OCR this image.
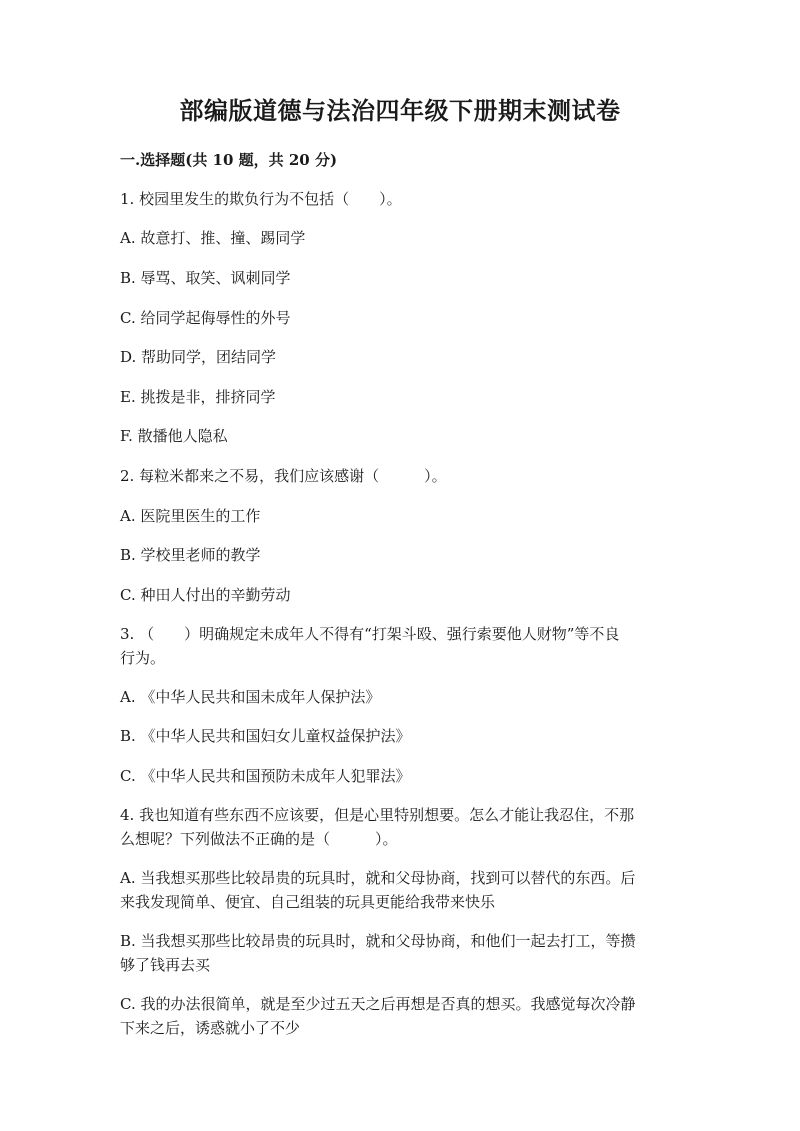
部编版道德与法治四年级下册期末测试卷
一.选择题(共 10 题，共 20 分)
1. 校园里发生的欺负行为不包括（　　）。
A. 故意打、推、撞、踢同学
B. 辱骂、取笑、讽刺同学
C. 给同学起侮辱性的外号
D. 帮助同学，团结同学
E. 挑拨是非，排挤同学
F. 散播他人隐私
2. 每粒米都来之不易，我们应该感谢（　　　）。
A. 医院里医生的工作
B. 学校里老师的教学
C. 种田人付出的辛勤劳动
3. （　　）明确规定未成年人不得有“打架斗殴、强行索要他人财物”等不良
行为。
A. 《中华人民共和国未成年人保护法》
B. 《中华人民共和国妇女儿童权益保护法》
C. 《中华人民共和国预防未成年人犯罪法》
4. 我也知道有些东西不应该要，但是心里特别想要。怎么才能让我忍住，不那
么想呢？下列做法不正确的是（　　　）。
A. 当我想买那些比较昂贵的玩具时，就和父母协商，找到可以替代的东西。后
来我发现简单、便宜、自己组装的玩具更能给我带来快乐
B. 当我想买那些比较昂贵的玩具时，就和父母协商，和他们一起去打工，等攒
够了钱再去买
C. 我的办法很简单，就是至少过五天之后再想是否真的想买。我感觉每次冷静
下来之后，诱惑就小了不少
